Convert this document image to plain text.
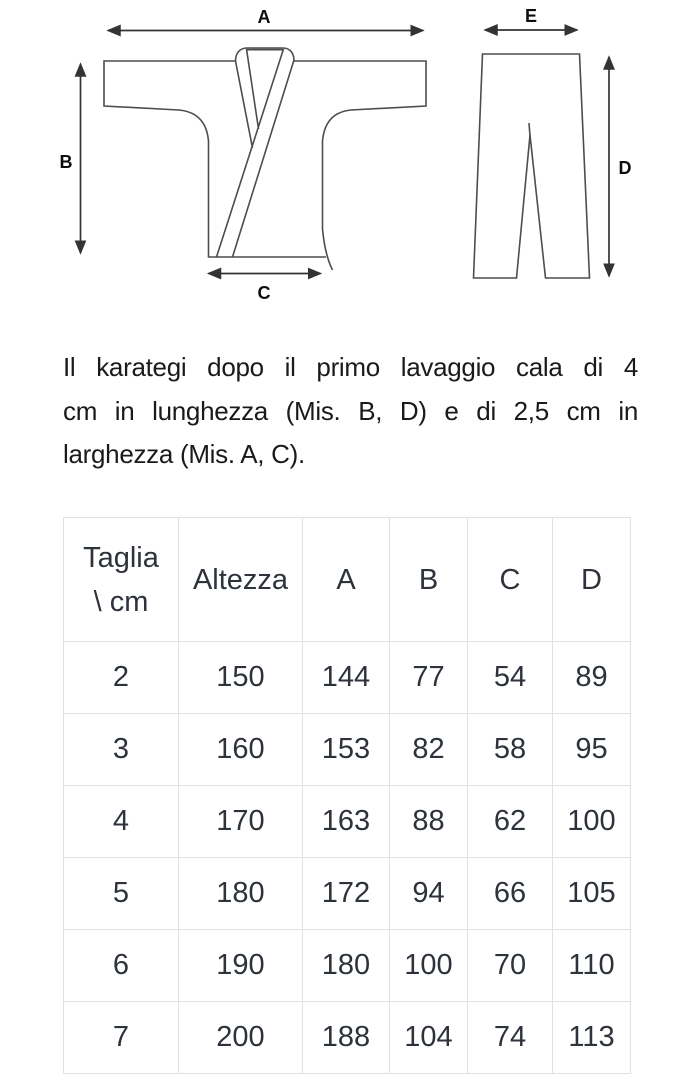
A	E
B	D
C
Il karategi dopo il primo lavaggio cala di 4
cm in lunghezza (Mis. B, D) e di 2,5 cm in
larghezza (Mis. A, C).
Taglia
\ cm	Altezza	A	B	C	D
2	150	144	77	54	89
3	160	153	82	58	95
4	170	163	88	62	100
5	180	172	94	66	105
6	190	180	100	70	110
7	200	188	104	74	113
